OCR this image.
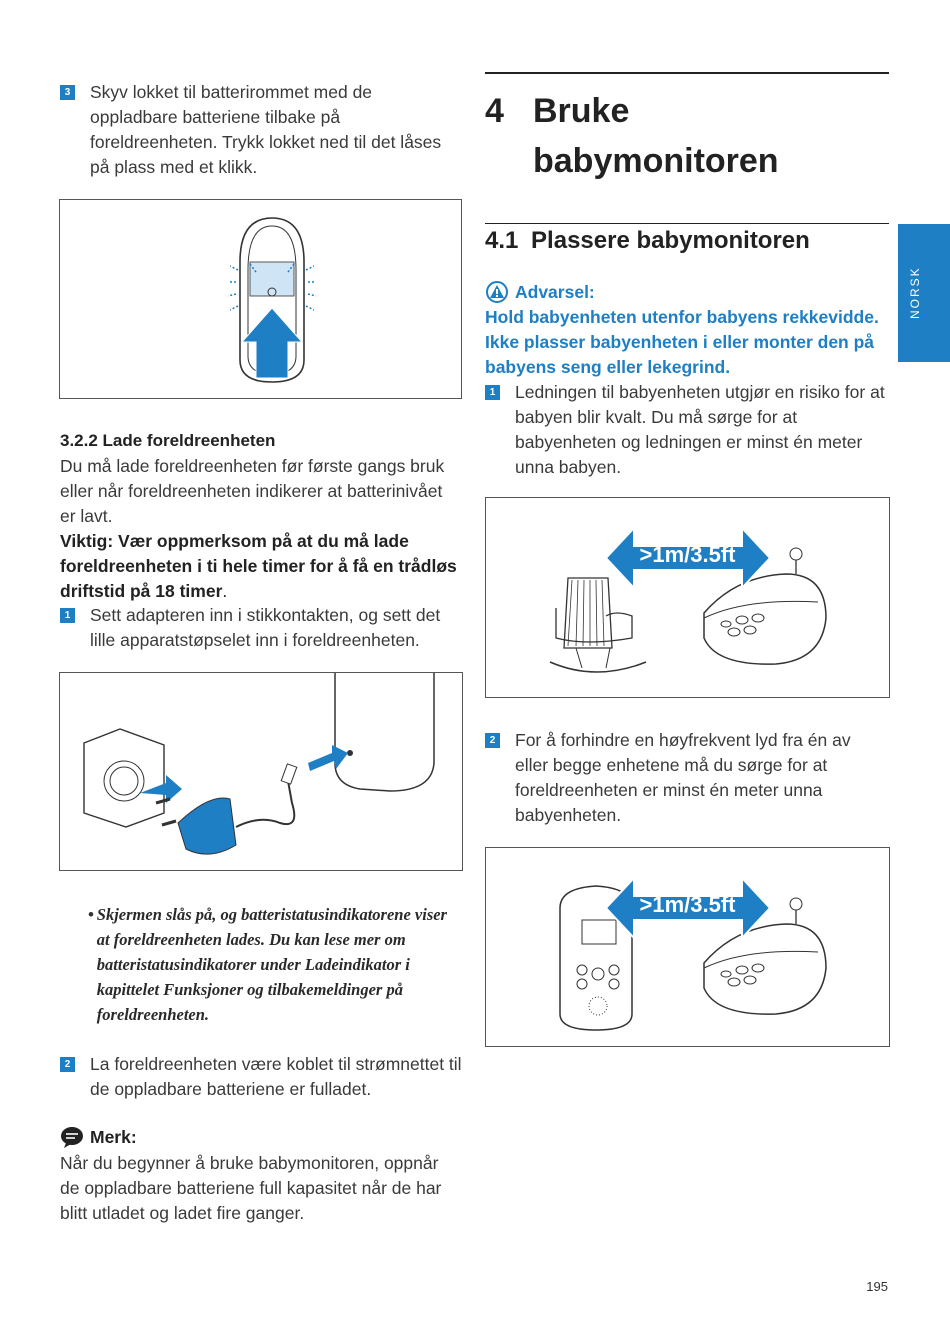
3 Skyv lokket til batterirommet med de oppladbare batteriene tilbake på foreldreenheten. Trykk lokket ned til det låses på plass med et klikk.
3.2.2 Lade foreldreenheten
Du må lade foreldreenheten før første gangs bruk eller når foreldreenheten indikerer at batterinivået er lavt.
Viktig: Vær oppmerksom på at du må lade foreldreenheten i ti hele timer for å få en trådløs driftstid på 18 timer.
1 Sett adapteren inn i stikkontakten, og sett det lille apparatstøpselet inn i foreldreenheten.
• Skjermen slås på, og batteristatusindikatorene viser at foreldreenheten lades. Du kan lese mer om batteristatusindikatorer under Ladeindikator i kapittelet Funksjoner og tilbakemeldinger på foreldreenheten.
2 La foreldreenheten være koblet til strømnettet til de oppladbare batteriene er fulladet.
Merk:
Når du begynner å bruke babymonitoren, oppnår de oppladbare batteriene full kapasitet når de har blitt utladet og ladet fire ganger.
4 Bruke
babymonitoren
4.1 Plassere babymonitoren
Advarsel:
Hold babyenheten utenfor babyens rekkevidde. Ikke plasser babyenheten i eller monter den på babyens seng eller lekegrind.
1 Ledningen til babyenheten utgjør en risiko for at babyen blir kvalt. Du må sørge for at babyenheten og ledningen er minst én meter unna babyen.
>1m/3.5ft
2 For å forhindre en høyfrekvent lyd fra én av eller begge enhetene må du sørge for at foreldreenheten er minst én meter unna babyenheten.
>1m/3.5ft
NORSK
195
